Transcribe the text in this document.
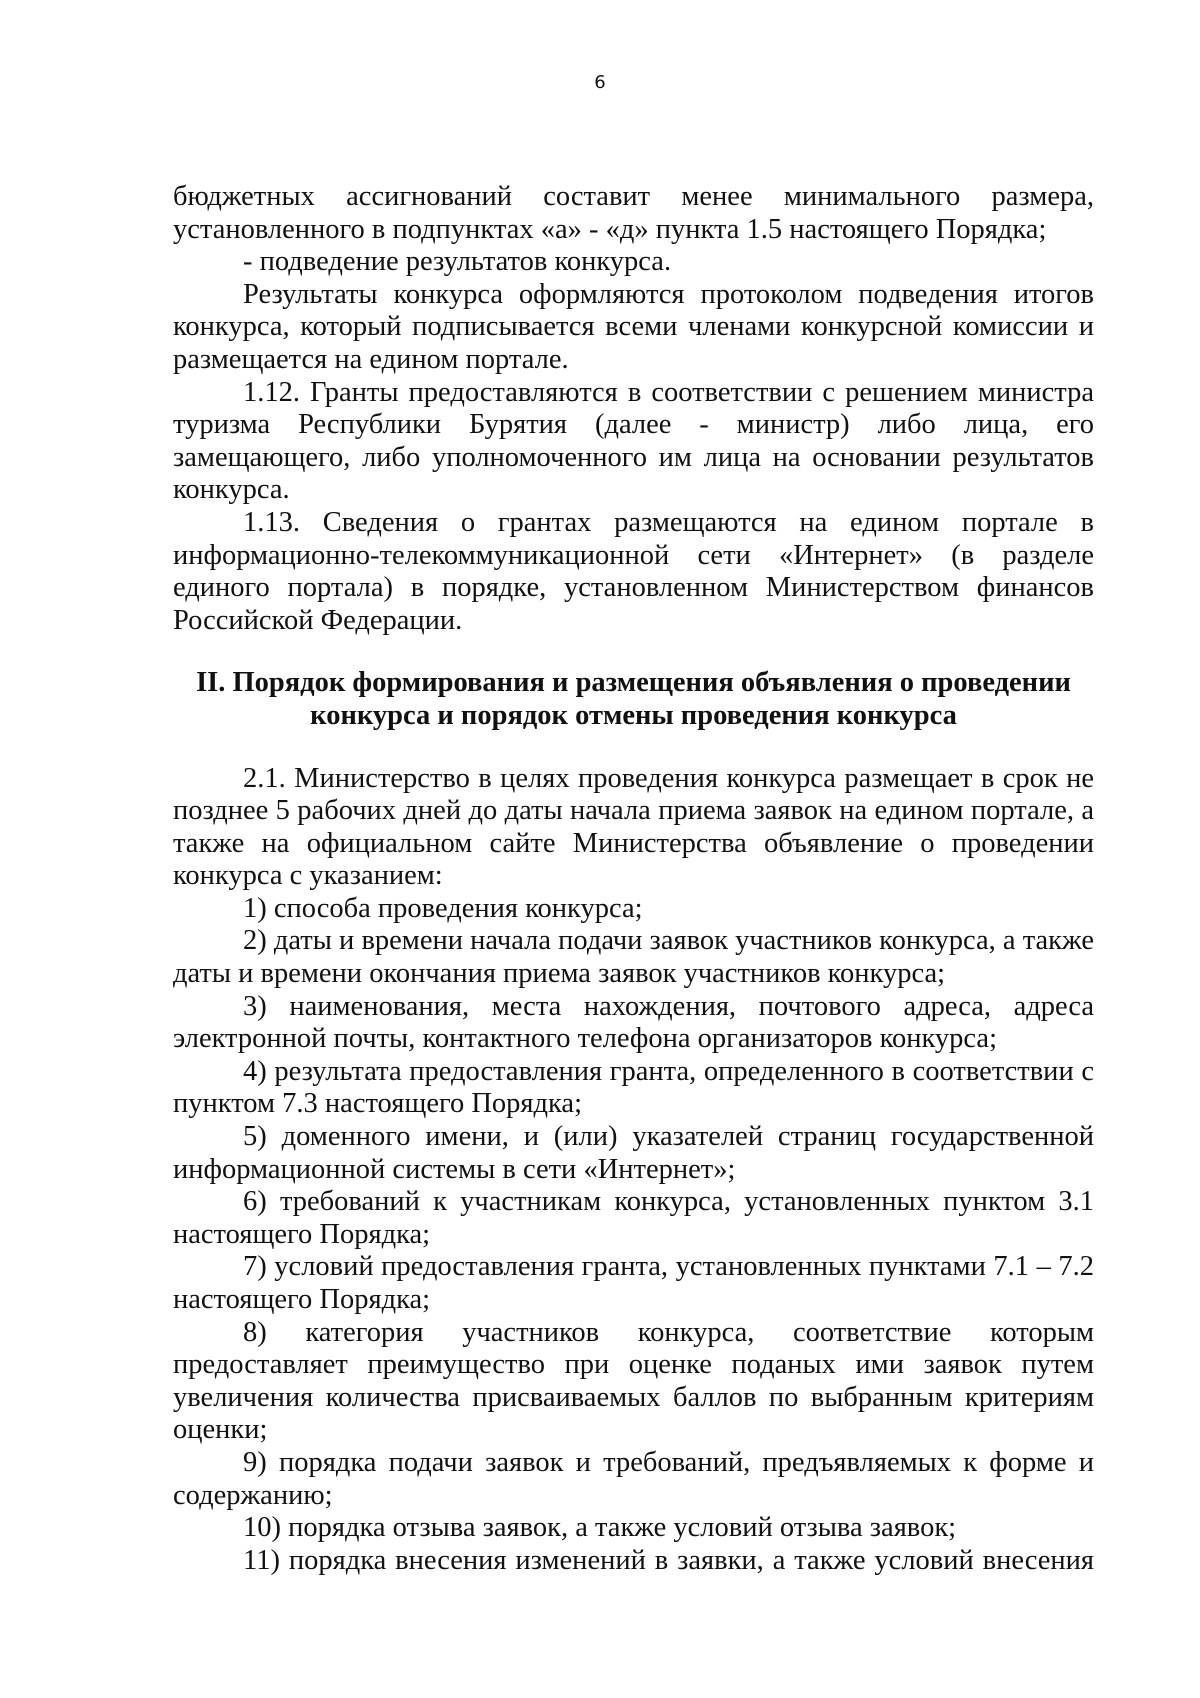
6

бюджетных ассигнований составит менее минимального размера, установленного в подпунктах «а» - «д» пункта 1.5 настоящего Порядка;

- подведение результатов конкурса.

Результаты конкурса оформляются протоколом подведения итогов конкурса, который подписывается всеми членами конкурсной комиссии и размещается на едином портале.

1.12. Гранты предоставляются в соответствии с решением министра туризма Республики Бурятия (далее - министр) либо лица, его замещающего, либо уполномоченного им лица на основании результатов конкурса.

1.13. Сведения о грантах размещаются на едином портале в информационно-телекоммуникационной сети «Интернет» (в разделе единого портала) в порядке, установленном Министерством финансов Российской Федерации.

II. Порядок формирования и размещения объявления о проведении конкурса и порядок отмены проведения конкурса

2.1. Министерство в целях проведения конкурса размещает в срок не позднее 5 рабочих дней до даты начала приема заявок на едином портале, а также на официальном сайте Министерства объявление о проведении конкурса с указанием:

1) способа проведения конкурса;

2) даты и времени начала подачи заявок участников конкурса, а также даты и времени окончания приема заявок участников конкурса;

3) наименования, места нахождения, почтового адреса, адреса электронной почты, контактного телефона организаторов конкурса;

4) результата предоставления гранта, определенного в соответствии с пунктом 7.3 настоящего Порядка;

5) доменного имени, и (или) указателей страниц государственной информационной системы в сети «Интернет»;

6) требований к участникам конкурса, установленных пунктом 3.1 настоящего Порядка;

7) условий предоставления гранта, установленных пунктами 7.1 – 7.2 настоящего Порядка;

8) категория участников конкурса, соответствие которым предоставляет преимущество при оценке поданых ими заявок путем увеличения количества присваиваемых баллов по выбранным критериям оценки;

9) порядка подачи заявок и требований, предъявляемых к форме и содержанию;

10) порядка отзыва заявок, а также условий отзыва заявок;

11) порядка внесения изменений в заявки, а также условий внесения
